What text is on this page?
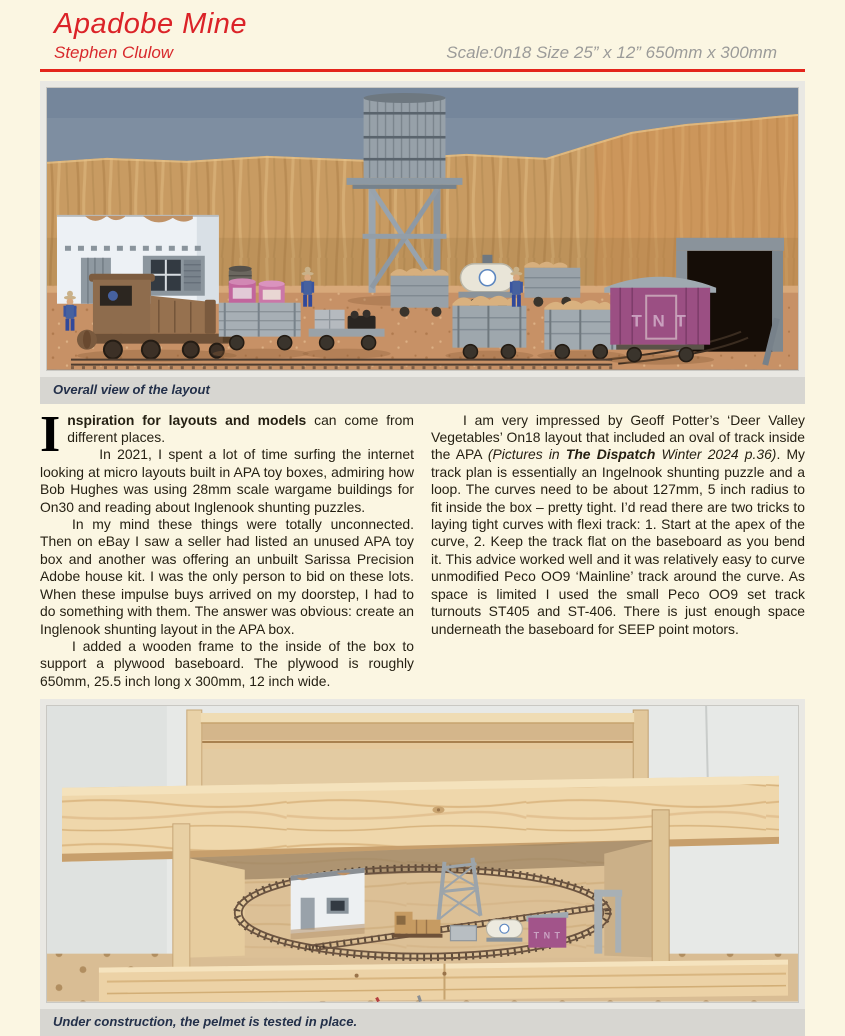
Apadobe Mine
Stephen Clulow	Scale:0n18 Size 25” x 12” 650mm x 300mm
T N T
Overall view of the layout

Inspiration for layouts and models can come from different places.

In 2021, I spent a lot of time surfing the internet looking at micro layouts built in APA toy boxes, admiring how Bob Hughes was using 28mm scale wargame buildings for On30 and reading about Inglenook shunting puzzles.

In my mind these things were totally unconnected. Then on eBay I saw a seller had listed an unused APA toy box and another was offering an unbuilt Sarissa Precision Adobe house kit. I was the only person to bid on these lots. When these impulse buys arrived on my doorstep, I had to do something with them. The answer was obvious: create an Inglenook shunting layout in the APA box.

I added a wooden frame to the inside of the box to support a plywood baseboard. The plywood is roughly 650mm, 25.5 inch long x 300mm, 12 inch wide.

I am very impressed by Geoff Potter’s ‘Deer Valley Vegetables’ On18 layout that included an oval of track inside the APA (Pictures in The Dispatch Winter 2024 p.36). My track plan is essentially an Ingelnook shunting puzzle and a loop. The curves need to be about 127mm, 5 inch radius to fit inside the box – pretty tight. I’d read there are two tricks to laying tight curves with flexi track: 1. Start at the apex of the curve, 2. Keep the track flat on the baseboard as you bend it. This advice worked well and it was relatively easy to curve unmodified Peco OO9 ‘Mainline’ track around the curve. As space is limited I used the small Peco OO9 set track turnouts ST405 and ST-406. There is just enough space underneath the baseboard for SEEP point motors.

T N T
Under construction, the pelmet is tested in place.
